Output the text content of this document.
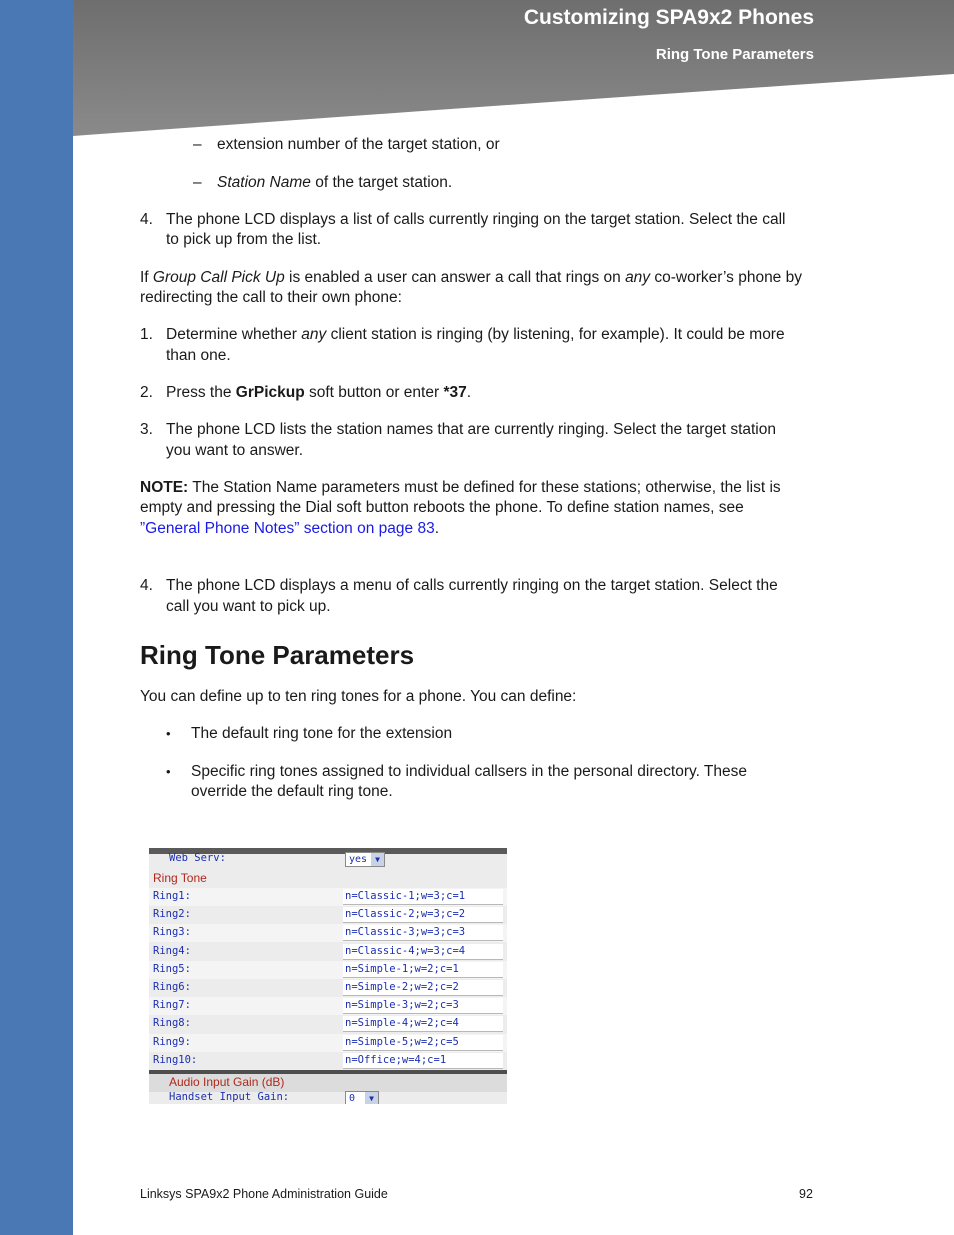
Customizing SPA9x2 Phones
Ring Tone Parameters
– extension number of the target station, or
– Station Name of the target station.
4. The phone LCD displays a list of calls currently ringing on the target station. Select the call
to pick up from the list.
If Group Call Pick Up is enabled a user can answer a call that rings on any co-worker’s phone by
redirecting the call to their own phone:
1. Determine whether any client station is ringing (by listening, for example). It could be more
than one.
2. Press the GrPickup soft button or enter *37.
3. The phone LCD lists the station names that are currently ringing. Select the target station
you want to answer.
NOTE: The Station Name parameters must be defined for these stations; otherwise, the list is
empty and pressing the Dial soft button reboots the phone. To define station names, see
”General Phone Notes” section on page 83.
4. The phone LCD displays a menu of calls currently ringing on the target station. Select the
call you want to pick up.
Ring Tone Parameters
You can define up to ten ring tones for a phone. You can define:
• The default ring tone for the extension
• Specific ring tones assigned to individual callsers in the personal directory. These
override the default ring tone.
Web Serv:	yes	▼
Ring Tone
Ring1:	n=Classic-1;w=3;c=1
Ring2:	n=Classic-2;w=3;c=2
Ring3:	n=Classic-3;w=3;c=3
Ring4:	n=Classic-4;w=3;c=4
Ring5:	n=Simple-1;w=2;c=1
Ring6:	n=Simple-2;w=2;c=2
Ring7:	n=Simple-3;w=2;c=3
Ring8:	n=Simple-4;w=2;c=4
Ring9:	n=Simple-5;w=2;c=5
Ring10:	n=Office;w=4;c=1
Audio Input Gain (dB)
Handset Input Gain:	0	▼
Linksys SPA9x2 Phone Administration Guide	92
